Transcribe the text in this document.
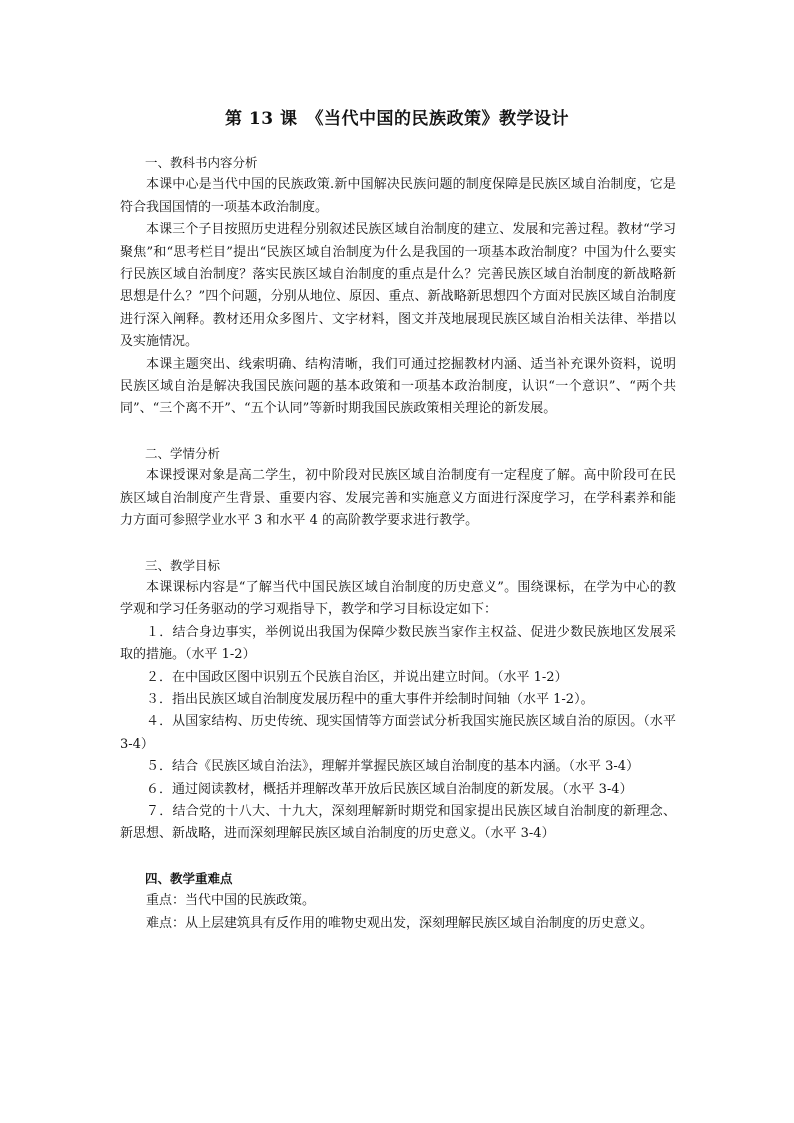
第 13 课　《当代中国的民族政策》教学设计

一、教科书内容分析

本课中心是当代中国的民族政策.新中国解决民族问题的制度保障是民族区域自治制度，它是符合我国国情的一项基本政治制度。

本课三个子目按照历史进程分别叙述民族区域自治制度的建立、发展和完善过程。教材“学习聚焦”和“思考栏目”提出“民族区域自治制度为什么是我国的一项基本政治制度？中国为什么要实行民族区域自治制度？落实民族区域自治制度的重点是什么？完善民族区域自治制度的新战略新思想是什么？”四个问题，分别从地位、原因、重点、新战略新思想四个方面对民族区域自治制度进行深入阐释。教材还用众多图片、文字材料，图文并茂地展现民族区域自治相关法律、举措以及实施情况。

本课主题突出、线索明确、结构清晰，我们可通过挖掘教材内涵、适当补充课外资料，说明民族区域自治是解决我国民族问题的基本政策和一项基本政治制度，认识“一个意识”、“两个共同”、“三个离不开”、“五个认同”等新时期我国民族政策相关理论的新发展。

二、学情分析

本课授课对象是高二学生，初中阶段对民族区域自治制度有一定程度了解。高中阶段可在民族区域自治制度产生背景、重要内容、发展完善和实施意义方面进行深度学习，在学科素养和能力方面可参照学业水平 3 和水平 4 的高阶教学要求进行教学。

三、教学目标

本课课标内容是“了解当代中国民族区域自治制度的历史意义”。围绕课标，在学为中心的教学观和学习任务驱动的学习观指导下，教学和学习目标设定如下：

１．结合身边事实，举例说出我国为保障少数民族当家作主权益、促进少数民族地区发展采取的措施。（水平 1-2）

２．在中国政区图中识别五个民族自治区，并说出建立时间。（水平 1-2）

３．指出民族区域自治制度发展历程中的重大事件并绘制时间轴（水平 1-2）。

４．从国家结构、历史传统、现实国情等方面尝试分析我国实施民族区域自治的原因。（水平 3-4）

５．结合《民族区域自治法》，理解并掌握民族区域自治制度的基本内涵。（水平 3-4）

６．通过阅读教材，概括并理解改革开放后民族区域自治制度的新发展。（水平 3-4）

７．结合党的十八大、十九大，深刻理解新时期党和国家提出民族区域自治制度的新理念、新思想、新战略，进而深刻理解民族区域自治制度的历史意义。（水平 3-4）

四、教学重难点

重点：当代中国的民族政策。

难点：从上层建筑具有反作用的唯物史观出发，深刻理解民族区域自治制度的历史意义。
